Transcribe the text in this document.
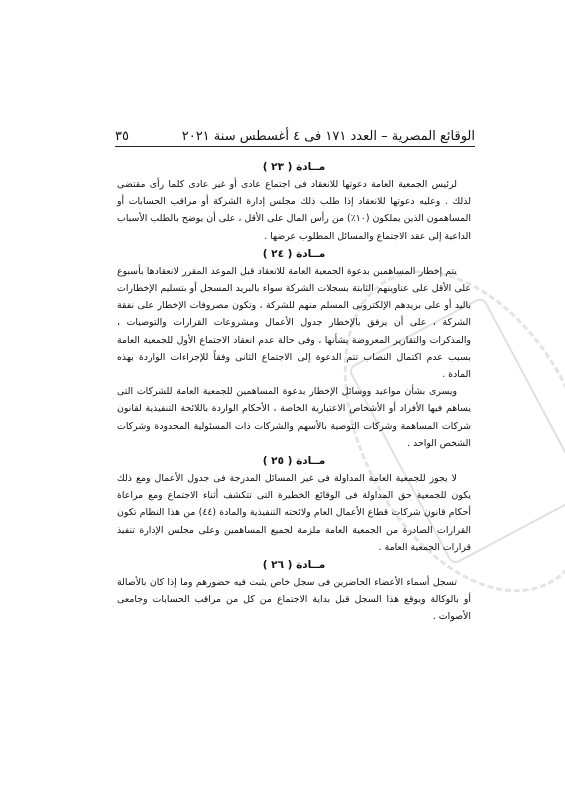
الوقائع المصرية – العدد ١٧١ فى ٤ أغسطس سنة ٢٠٢١
٣٥

مــادة ( ٢٣ )

لرئيس الجمعية العامة دعوتها للانعقاد فى اجتماع عادى أو غير عادى كلما رأى مقتضى لذلك . وعليه دعوتها للانعقاد إذا طلب ذلك مجلس إدارة الشركة أو مراقب الحسابات أو المساهمون الذين يملكون (١٠٪) من رأس المال على الأقل ، على أن يوضح بالطلب الأسباب الداعية إلى عقد الاجتماع والمسائل المطلوب عرضها .

مــادة ( ٢٤ )

يتم إخطار المساهمين بدعوة الجمعية العامة للانعقاد قبل الموعد المقرر لانعقادها بأسبوع على الأقل على عناوينهم الثابتة بسجلات الشركة سواء بالبريد المسجل أو بتسليم الإخطارات باليد أو على بريدهم الإلكترونى المسلم منهم للشركة ، وتكون مصروفات الإخطار على نفقة الشركة ، على أن يرفق بالإخطار جدول الأعمال ومشروعات القرارات والتوصيات ، والمذكرات والتقارير المعروضة بشأنها ، وفى حالة عدم انعقاد الاجتماع الأول للجمعية العامة بسبب عدم اكتمال النصاب تتم الدعوة إلى الاجتماع الثانى وفقاً للإجراءات الواردة بهذه المادة .

ويسرى بشأن مواعيد ووسائل الإخطار بدعوة المساهمين للجمعية العامة للشركات التى يساهم فيها الأفراد أو الأشخاص الاعتبارية الخاصة ، الأحكام الواردة باللائحة التنفيذية لقانون شركات المساهمة وشركات التوصية بالأسهم والشركات ذات المسئولية المحدودة وشركات الشخص الواحد .

مــادة ( ٢٥ )

لا يجوز للجمعية العامة المداولة فى غير المسائل المدرجة فى جدول الأعمال ومع ذلك يكون للجمعية حق المداولة فى الوقائع الخطيرة التى تتكشف أثناء الاجتماع ومع مراعاة أحكام قانون شركات قطاع الأعمال العام ولائحته التنفيذية والمادة (٤٤) من هذا النظام تكون القرارات الصادرة من الجمعية العامة ملزمة لجميع المساهمين وعلى مجلس الإدارة تنفيذ قرارات الجمعية العامة .

مــادة ( ٢٦ )

تسجل أسماء الأعضاء الحاضرين فى سجل خاص يثبت فيه حضورهم وما إذا كان بالأصالة أو بالوكالة ويوقع هذا السجل قبل بداية الاجتماع من كل من مراقب الحسابات وجامعى الأصوات .
